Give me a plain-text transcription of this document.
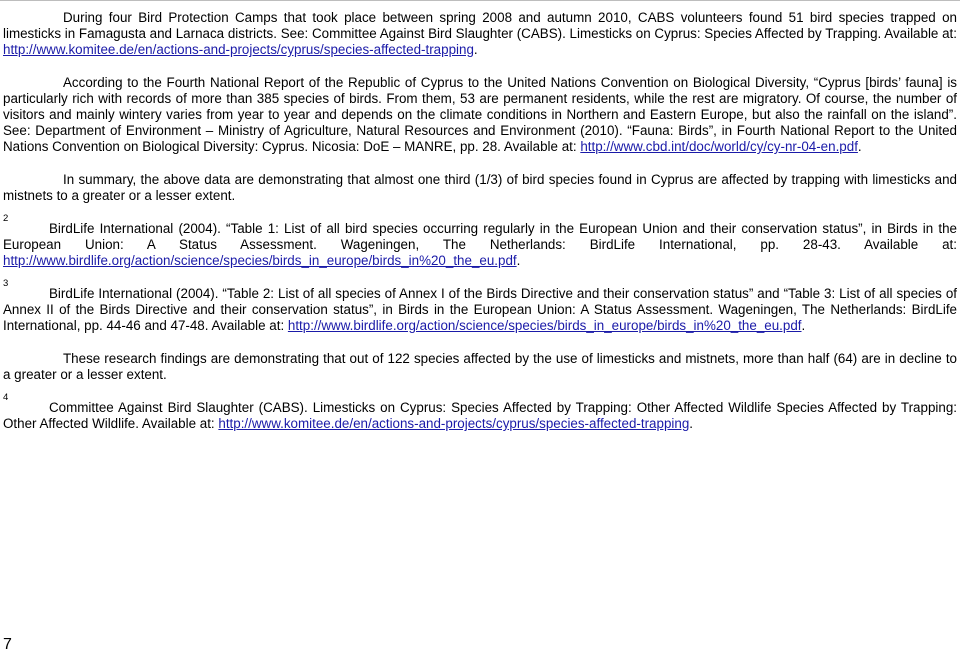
During four Bird Protection Camps that took place between spring 2008 and autumn 2010, CABS volunteers found 51 bird species trapped on limesticks in Famagusta and Larnaca districts. See: Committee Against Bird Slaughter (CABS). Limesticks on Cyprus: Species Affected by Trapping. Available at: http://www.komitee.de/en/actions-and-projects/cyprus/species-affected-trapping.

According to the Fourth National Report of the Republic of Cyprus to the United Nations Convention on Biological Diversity, “Cyprus [birds’ fauna] is particularly rich with records of more than 385 species of birds. From them, 53 are permanent residents, while the rest are migratory. Of course, the number of visitors and mainly wintery varies from year to year and depends on the climate conditions in Northern and Eastern Europe, but also the rainfall on the island”. See: Department of Environment – Ministry of Agriculture, Natural Resources and Environment (2010). “Fauna: Birds”, in Fourth National Report to the United Nations Convention on Biological Diversity: Cyprus. Nicosia: DoE – MANRE, pp. 28. Available at: http://www.cbd.int/doc/world/cy/cy-nr-04-en.pdf.

In summary, the above data are demonstrating that almost one third (1/3) of bird species found in Cyprus are affected by trapping with limesticks and mistnets to a greater or a lesser extent.

2

BirdLife International (2004). “Table 1: List of all bird species occurring regularly in the European Union and their conservation status”, in Birds in the European Union: A Status Assessment. Wageningen, The Netherlands: BirdLife International, pp. 28-43. Available at: http://www.birdlife.org/action/science/species/birds_in_europe/birds_in%20_the_eu.pdf.

3

BirdLife International (2004). “Table 2: List of all species of Annex I of the Birds Directive and their conservation status” and “Table 3: List of all species of Annex II of the Birds Directive and their conservation status”, in Birds in the European Union: A Status Assessment. Wageningen, The Netherlands: BirdLife International, pp. 44-46 and 47-48. Available at: http://www.birdlife.org/action/science/species/birds_in_europe/birds_in%20_the_eu.pdf.

These research findings are demonstrating that out of 122 species affected by the use of limesticks and mistnets, more than half (64) are in decline to a greater or a lesser extent.

4

Committee Against Bird Slaughter (CABS). Limesticks on Cyprus: Species Affected by Trapping: Other Affected Wildlife Species Affected by Trapping: Other Affected Wildlife. Available at: http://www.komitee.de/en/actions-and-projects/cyprus/species-affected-trapping.

7
